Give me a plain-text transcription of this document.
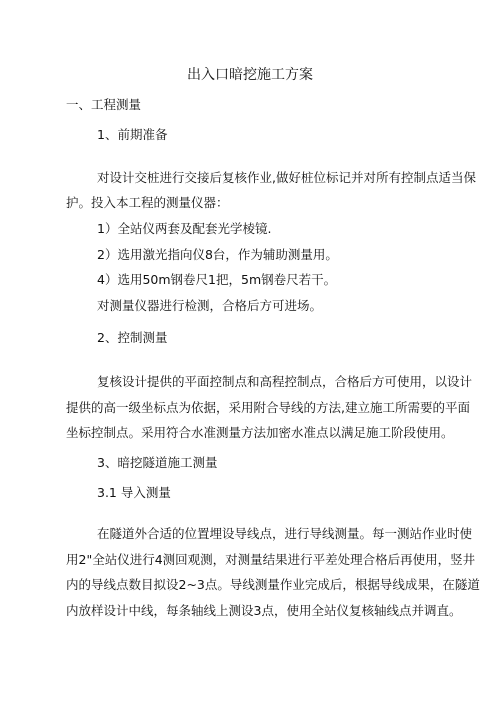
出入口暗挖施工方案
一、工程测量
1、前期准备
对设计交桩进行交接后复核作业,做好桩位标记并对所有控制点适当保
护。投入本工程的测量仪器：
1）全站仪两套及配套光学棱镜.
2）选用激光指向仪8台，作为辅助测量用。
4）选用50m钢卷尺1把，5m钢卷尺若干。
对测量仪器进行检测，合格后方可进场。
2、控制测量
复核设计提供的平面控制点和高程控制点，合格后方可使用，以设计
提供的高一级坐标点为依据，采用附合导线的方法,建立施工所需要的平面
坐标控制点。采用符合水准测量方法加密水准点以满足施工阶段使用。
3、暗挖隧道施工测量
3.1 导入测量
在隧道外合适的位置埋设导线点，进行导线测量。每一测站作业时使
用2"全站仪进行4测回观测，对测量结果进行平差处理合格后再使用，竖井
内的导线点数目拟设2~3点。导线测量作业完成后，根据导线成果，在隧道
内放样设计中线，每条轴线上测设3点，使用全站仪复核轴线点并调直。
